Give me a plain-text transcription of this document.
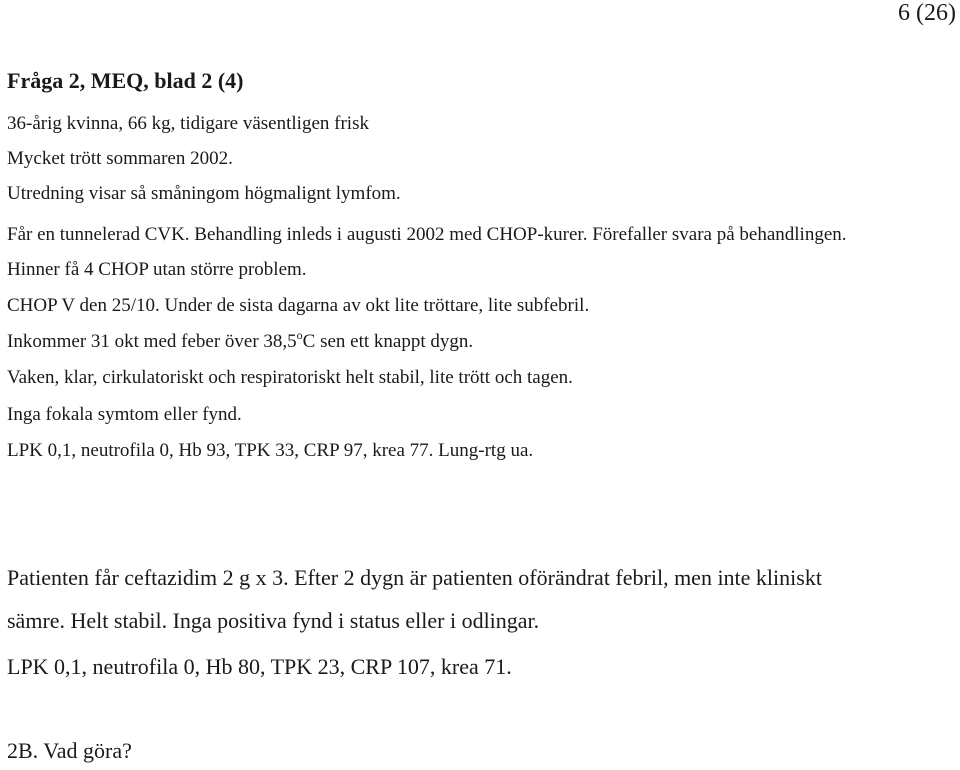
6 (26)
Fråga 2, MEQ, blad 2 (4)
36-årig kvinna, 66 kg, tidigare väsentligen frisk
Mycket trött sommaren 2002.
Utredning visar så småningom högmalignt lymfom.
Får en tunnelerad CVK. Behandling inleds i augusti 2002 med CHOP-kurer. Förefaller svara på behandlingen.
Hinner få 4 CHOP utan större problem.
CHOP V den 25/10. Under de sista dagarna av okt lite tröttare, lite subfebril.
Inkommer 31 okt med feber över 38,5$^o$C sen ett knappt dygn.
Vaken, klar, cirkulatoriskt och respiratoriskt helt stabil, lite trött och tagen.
Inga fokala symtom eller fynd.
LPK 0,1, neutrofila 0, Hb 93, TPK 33, CRP 97, krea 77. Lung-rtg ua.
Patienten får ceftazidim 2 g x 3. Efter 2 dygn är patienten oförändrat febril, men inte kliniskt
sämre. Helt stabil. Inga positiva fynd i status eller i odlingar.
LPK 0,1, neutrofila 0, Hb 80, TPK 23, CRP 107, krea 71.
2B. Vad göra?
